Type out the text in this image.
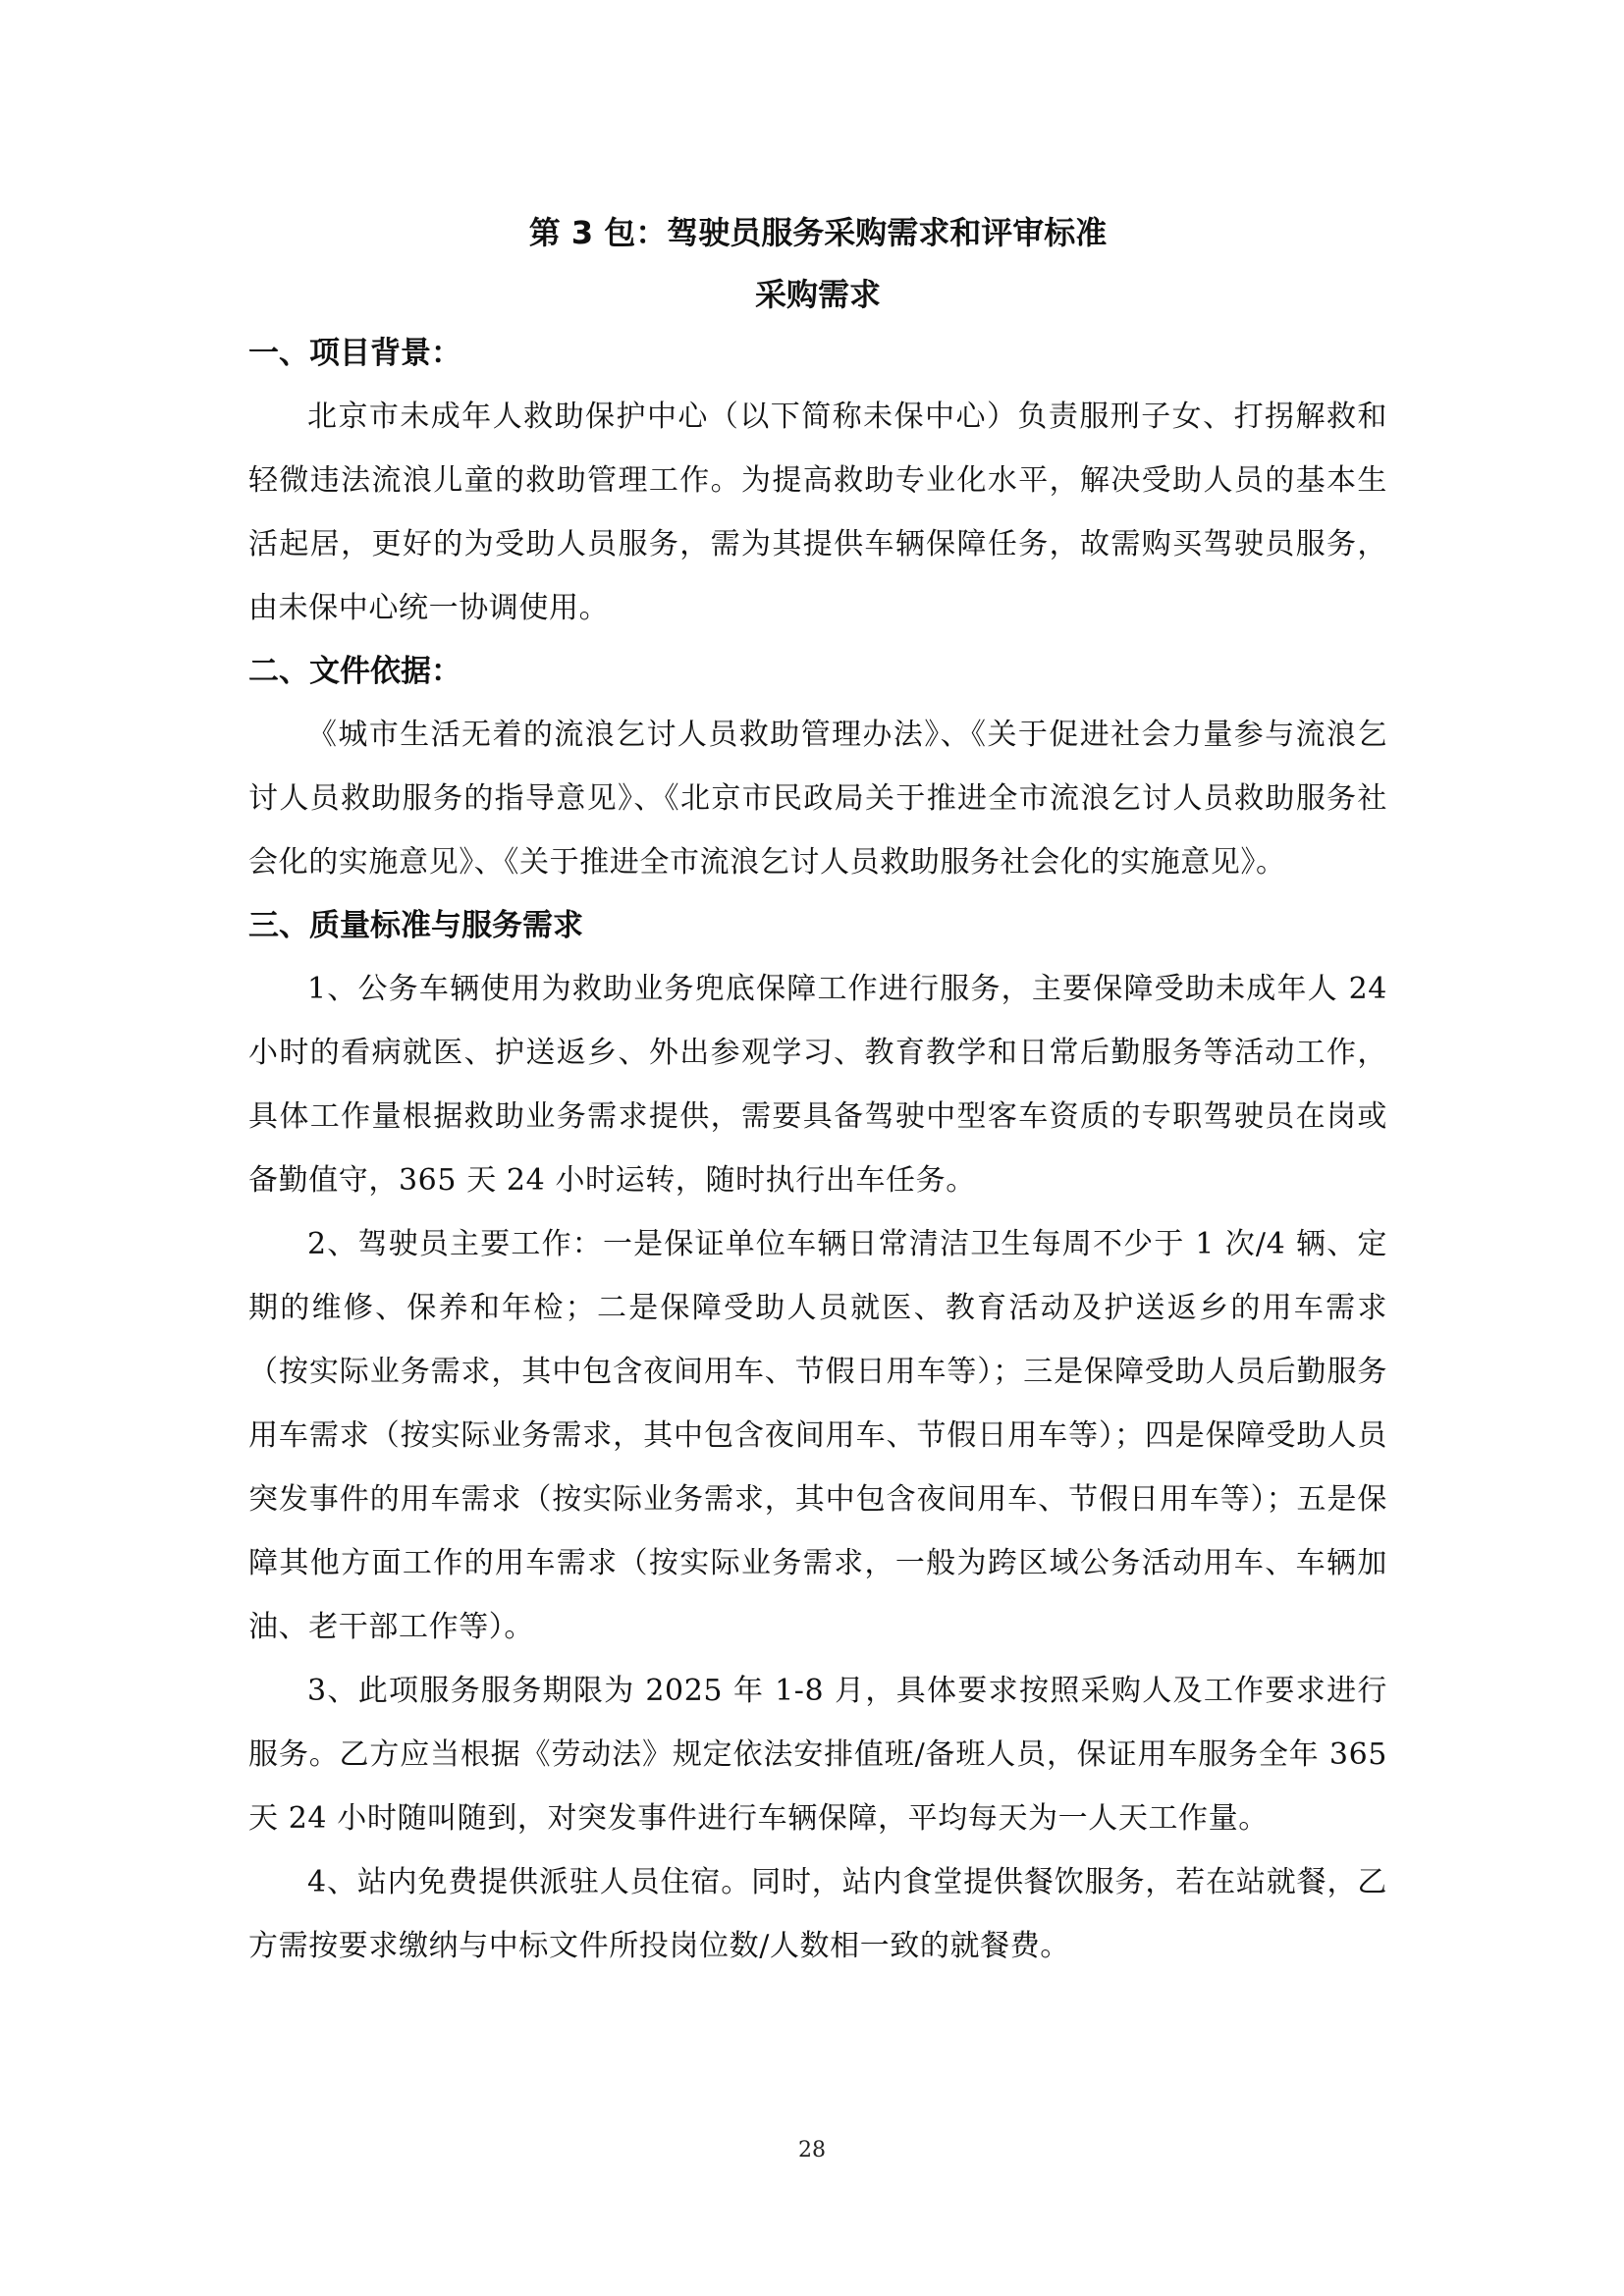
第 3 包：驾驶员服务采购需求和评审标准
采购需求
一、项目背景：

北京市未成年人救助保护中心（以下简称未保中心）负责服刑子女、打拐解救和轻微违法流浪儿童的救助管理工作。为提高救助专业化水平，解决受助人员的基本生活起居，更好的为受助人员服务，需为其提供车辆保障任务，故需购买驾驶员服务，由未保中心统一协调使用。

二、文件依据：

《城市生活无着的流浪乞讨人员救助管理办法》、《关于促进社会力量参与流浪乞讨人员救助服务的指导意见》、《北京市民政局关于推进全市流浪乞讨人员救助服务社会化的实施意见》、《关于推进全市流浪乞讨人员救助服务社会化的实施意见》。

三、质量标准与服务需求

1、公务车辆使用为救助业务兜底保障工作进行服务，主要保障受助未成年人 24 小时的看病就医、护送返乡、外出参观学习、教育教学和日常后勤服务等活动工作，具体工作量根据救助业务需求提供，需要具备驾驶中型客车资质的专职驾驶员在岗或备勤值守，365 天 24 小时运转，随时执行出车任务。

2、驾驶员主要工作：一是保证单位车辆日常清洁卫生每周不少于 1 次/4 辆、定期的维修、保养和年检；二是保障受助人员就医、教育活动及护送返乡的用车需求（按实际业务需求，其中包含夜间用车、节假日用车等）；三是保障受助人员后勤服务用车需求（按实际业务需求，其中包含夜间用车、节假日用车等）；四是保障受助人员突发事件的用车需求（按实际业务需求，其中包含夜间用车、节假日用车等）；五是保障其他方面工作的用车需求（按实际业务需求，一般为跨区域公务活动用车、车辆加油、老干部工作等）。

3、此项服务服务期限为 2025 年 1-8 月，具体要求按照采购人及工作要求进行服务。乙方应当根据《劳动法》规定依法安排值班/备班人员，保证用车服务全年 365 天 24 小时随叫随到，对突发事件进行车辆保障，平均每天为一人天工作量。

4、站内免费提供派驻人员住宿。同时，站内食堂提供餐饮服务，若在站就餐，乙方需按要求缴纳与中标文件所投岗位数/人数相一致的就餐费。

28
